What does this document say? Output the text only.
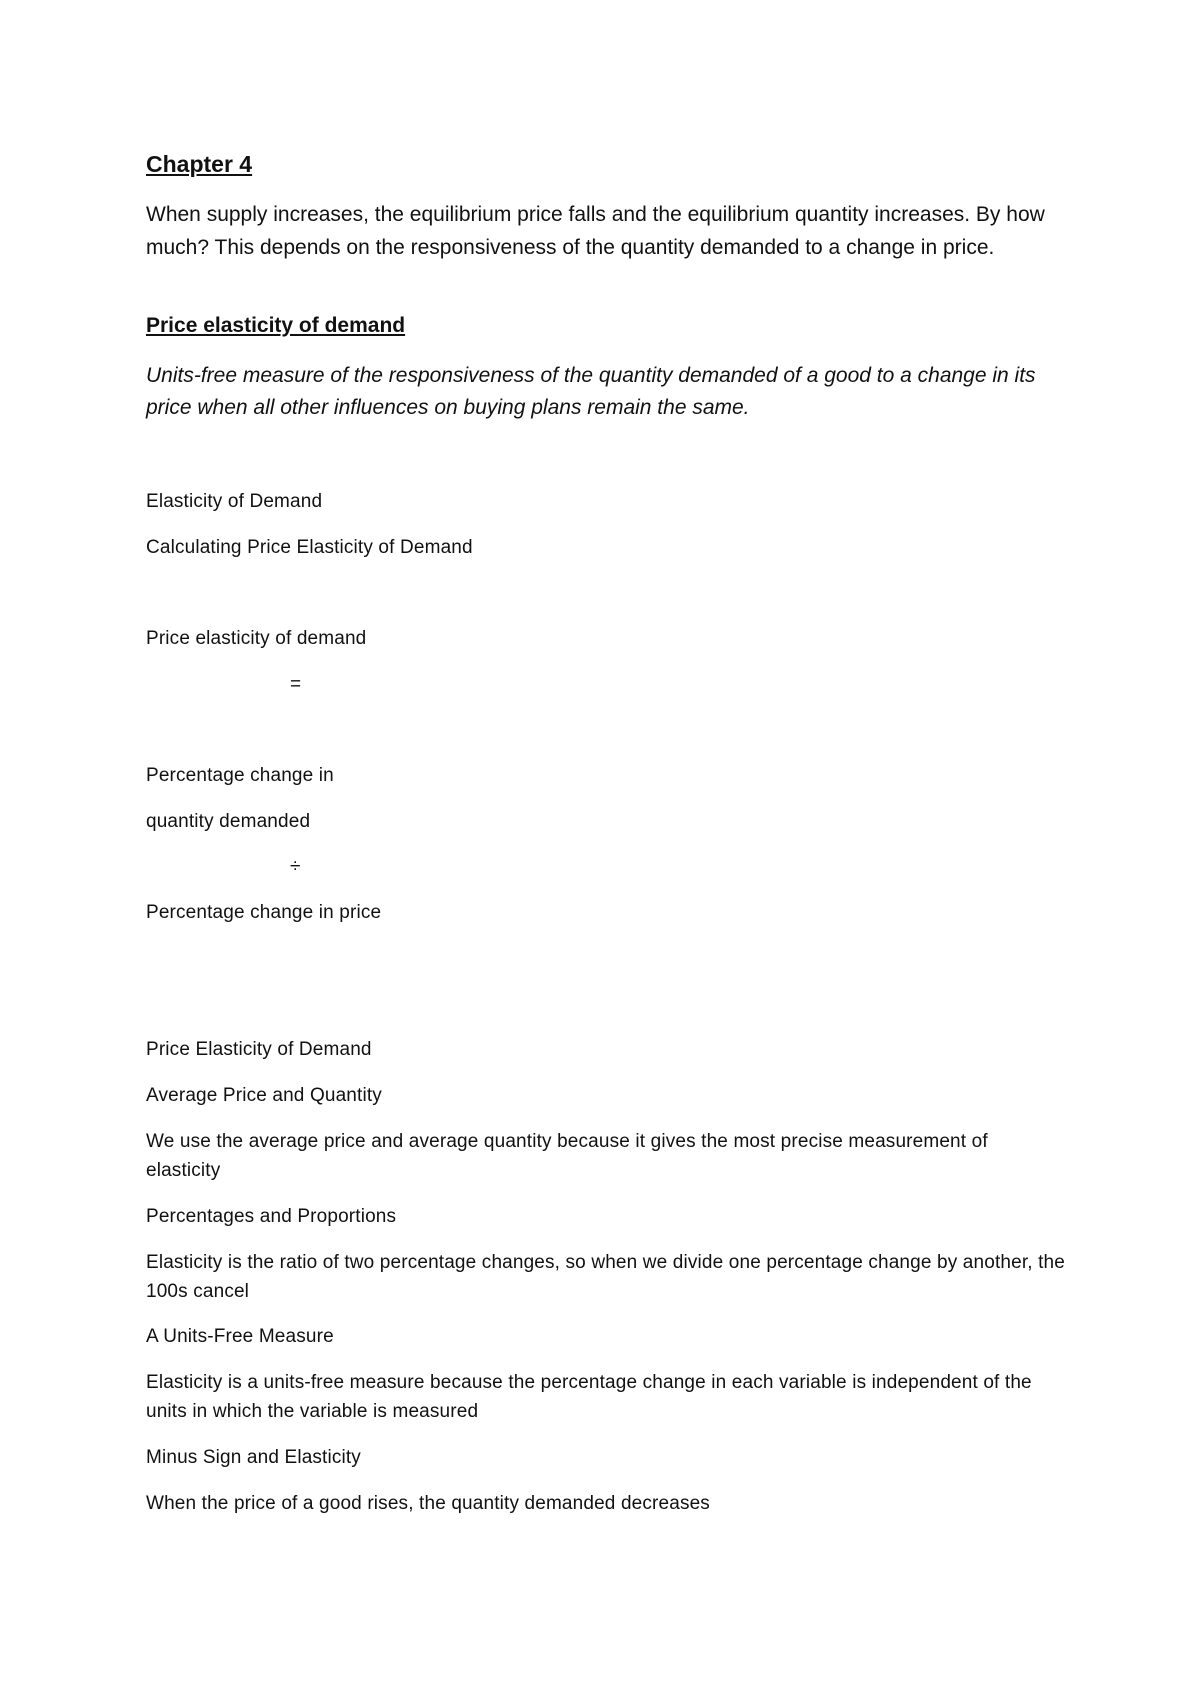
Chapter 4

When supply increases, the equilibrium price falls and the equilibrium quantity increases. By how much? This depends on the responsiveness of the quantity demanded to a change in price.

Price elasticity of demand

Units-free measure of the responsiveness of the quantity demanded of a good to a change in its price when all other influences on buying plans remain the same.

Elasticity of Demand

Calculating Price Elasticity of Demand

Price elasticity of demand

=

Percentage change in

quantity demanded

÷

Percentage change in price

Price Elasticity of Demand

Average Price and Quantity

We use the average price and average quantity because it gives the most precise measurement of elasticity

Percentages and Proportions

Elasticity is the ratio of two percentage changes, so when we divide one percentage change by another, the 100s cancel

A Units-Free Measure

Elasticity is a units-free measure because the percentage change in each variable is independent of the units in which the variable is measured

Minus Sign and Elasticity

When the price of a good rises, the quantity demanded decreases
